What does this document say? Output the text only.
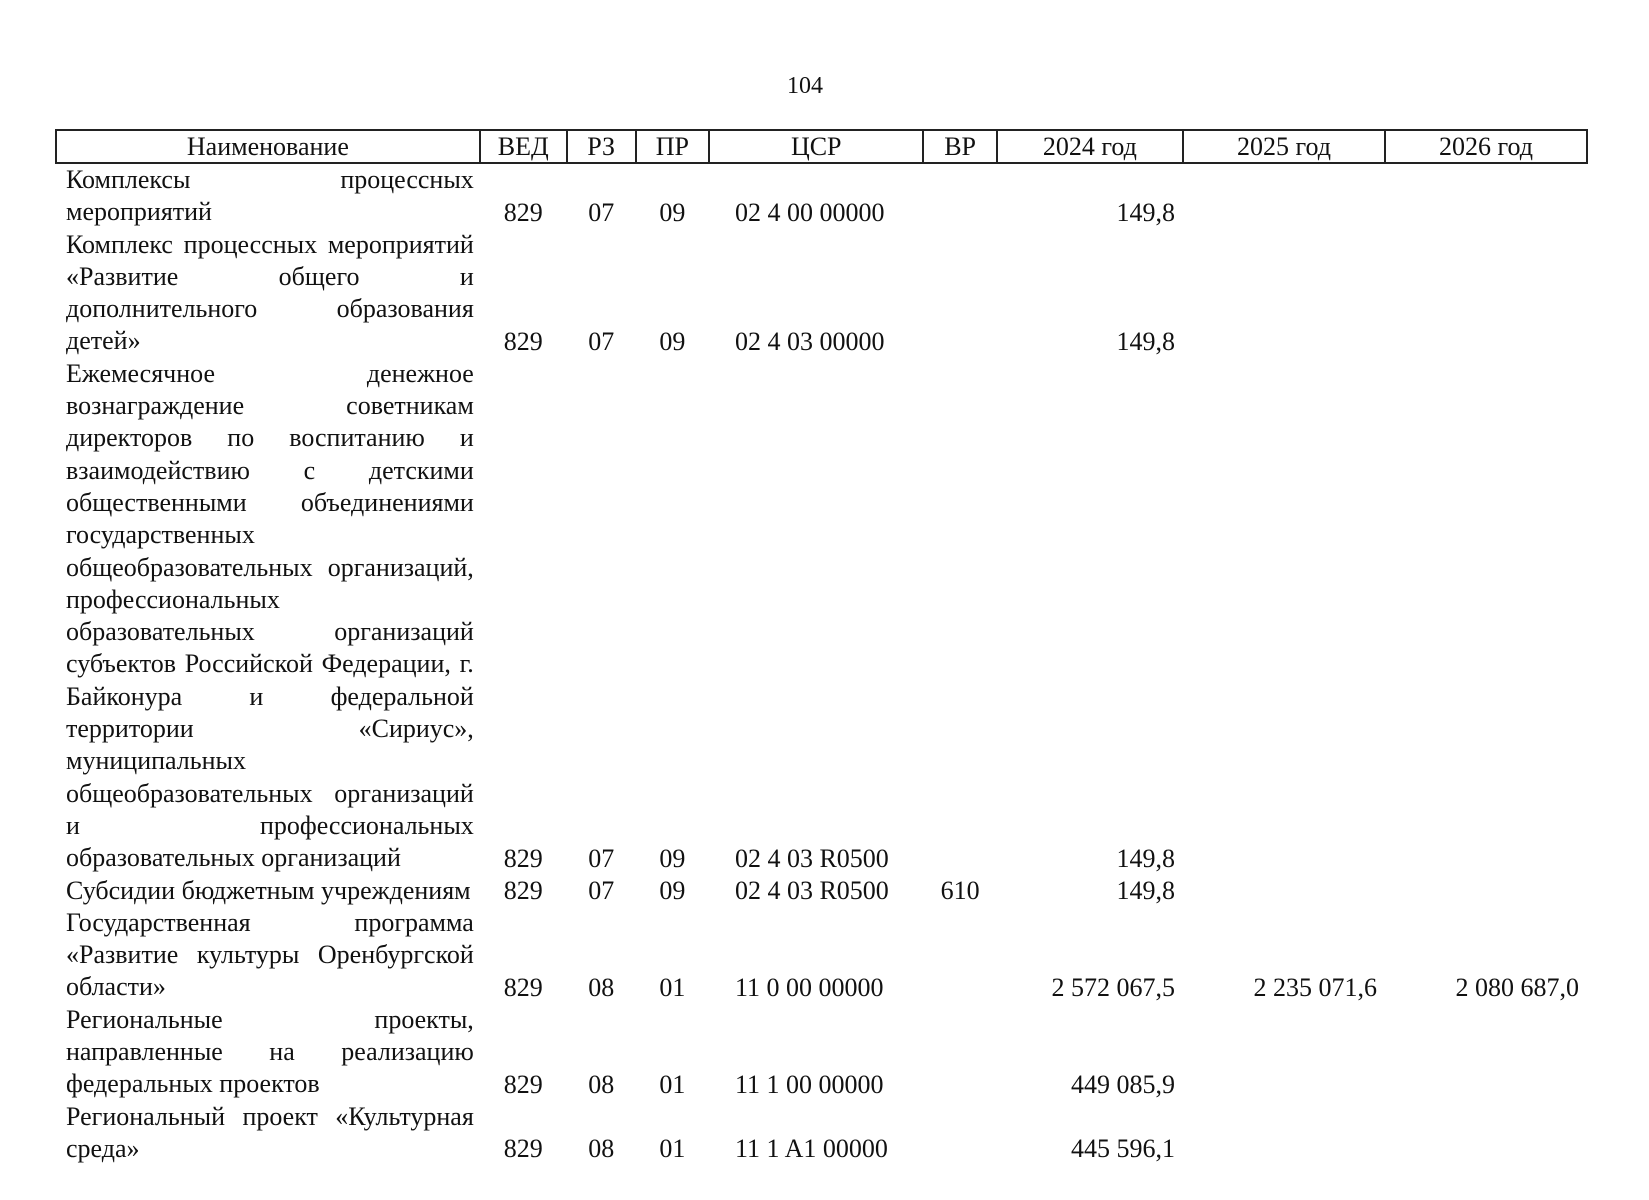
104
Наименование	ВЕД	РЗ	ПР	ЦСР	ВР	2024 год	2025 год	2026 год
Комплексы процессных мероприятий	829	07	09	02 4 00 00000		149,8		
Комплекс процессных мероприятий «Развитие общего и дополнительного образования детей»	829	07	09	02 4 03 00000		149,8		
Ежемесячное денежное вознаграждение советникам директоров по воспитанию и взаимодействию с детскими общественными объединениями государственных общеобразовательных организаций, профессиональных образовательных организаций субъектов Российской Федерации, г. Байконура и федеральной территории «Сириус», муниципальных общеобразовательных организаций и профессиональных образовательных организаций	829	07	09	02 4 03 R0500		149,8		
Субсидии бюджетным учреждениям	829	07	09	02 4 03 R0500	610	149,8		
Государственная программа «Развитие культуры Оренбургской области»	829	08	01	11 0 00 00000		2 572 067,5	2 235 071,6	2 080 687,0
Региональные проекты, направленные на реализацию федеральных проектов	829	08	01	11 1 00 00000		449 085,9		
Региональный проект «Культурная среда»	829	08	01	11 1 A1 00000		445 596,1		
